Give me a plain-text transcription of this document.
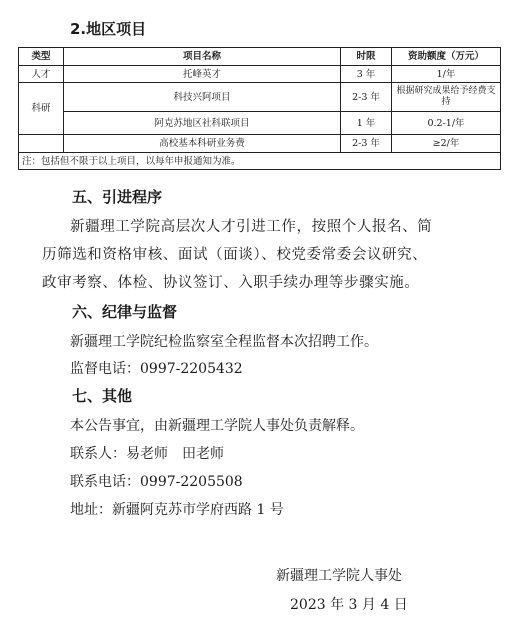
2.地区项目
类型	项目名称	时限	资助额度（万元）
人才	托峰英才	3 年	1/年
科研	科技兴阿项目	2-3 年	根据研究成果给予经费支持
	阿克苏地区社科联项目	1 年	0.2-1/年
	高校基本科研业务费	2-3 年	≥2/年
注：包括但不限于以上项目，以每年申报通知为准。			
五、引进程序
新疆理工学院高层次人才引进工作，按照个人报名、简
历筛选和资格审核、面试（面谈）、校党委常委会议研究、
政审考察、体检、协议签订、入职手续办理等步骤实施。
六、纪律与监督
新疆理工学院纪检监察室全程监督本次招聘工作。
监督电话：0997-2205432
七、其他
本公告事宜，由新疆理工学院人事处负责解释。
联系人：易老师　田老师
联系电话：0997-2205508
地址：新疆阿克苏市学府西路 1 号
新疆理工学院人事处
2023 年 3 月 4 日
